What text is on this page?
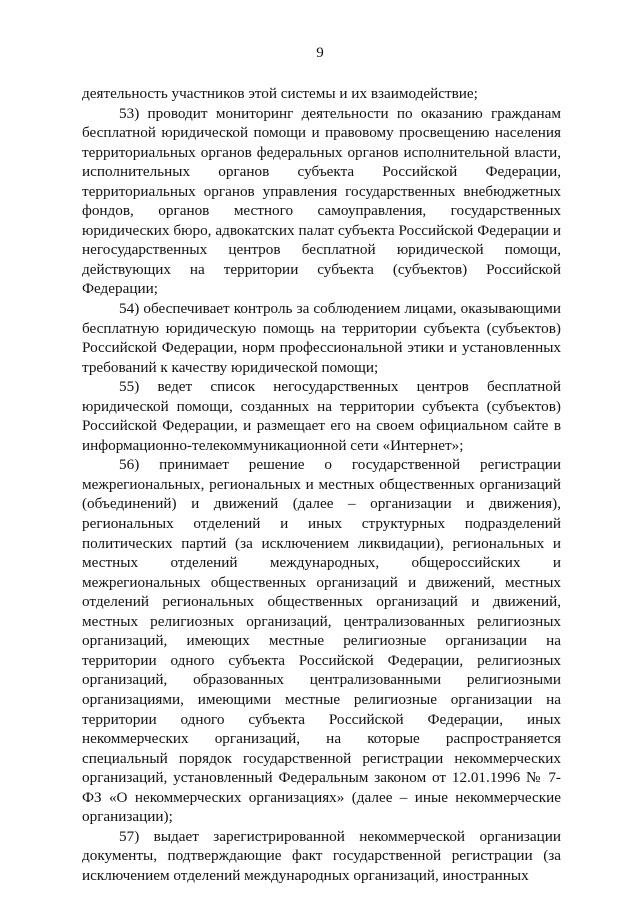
9

деятельность участников этой системы и их взаимодействие;

53) проводит мониторинг деятельности по оказанию гражданам бесплатной юридической помощи и правовому просвещению населения территориальных органов федеральных органов исполнительной власти, исполнительных органов субъекта Российской Федерации, территориальных органов управления государственных внебюджетных фондов, органов местного самоуправления, государственных юридических бюро, адвокатских палат субъекта Российской Федерации и негосударственных центров бесплатной юридической помощи, действующих на территории субъекта (субъектов) Российской Федерации;

54) обеспечивает контроль за соблюдением лицами, оказывающими бесплатную юридическую помощь на территории субъекта (субъектов) Российской Федерации, норм профессиональной этики и установленных требований к качеству юридической помощи;

55) ведет список негосударственных центров бесплатной юридической помощи, созданных на территории субъекта (субъектов) Российской Федерации, и размещает его на своем официальном сайте в информационно-телекоммуникационной сети «Интернет»;

56) принимает решение о государственной регистрации межрегиональных, региональных и местных общественных организаций (объединений) и движений (далее – организации и движения), региональных отделений и иных структурных подразделений политических партий (за исключением ликвидации), региональных и местных отделений международных, общероссийских и межрегиональных общественных организаций и движений, местных отделений региональных общественных организаций и движений, местных религиозных организаций, централизованных религиозных организаций, имеющих местные религиозные организации на территории одного субъекта Российской Федерации, религиозных организаций, образованных централизованными религиозными организациями, имеющими местные религиозные организации на территории одного субъекта Российской Федерации, иных некоммерческих организаций, на которые распространяется специальный порядок государственной регистрации некоммерческих организаций, установленный Федеральным законом от 12.01.1996 № 7-ФЗ «О некоммерческих организациях» (далее – иные некоммерческие организации);

57) выдает зарегистрированной некоммерческой организации документы, подтверждающие факт государственной регистрации (за исключением отделений международных организаций, иностранных
